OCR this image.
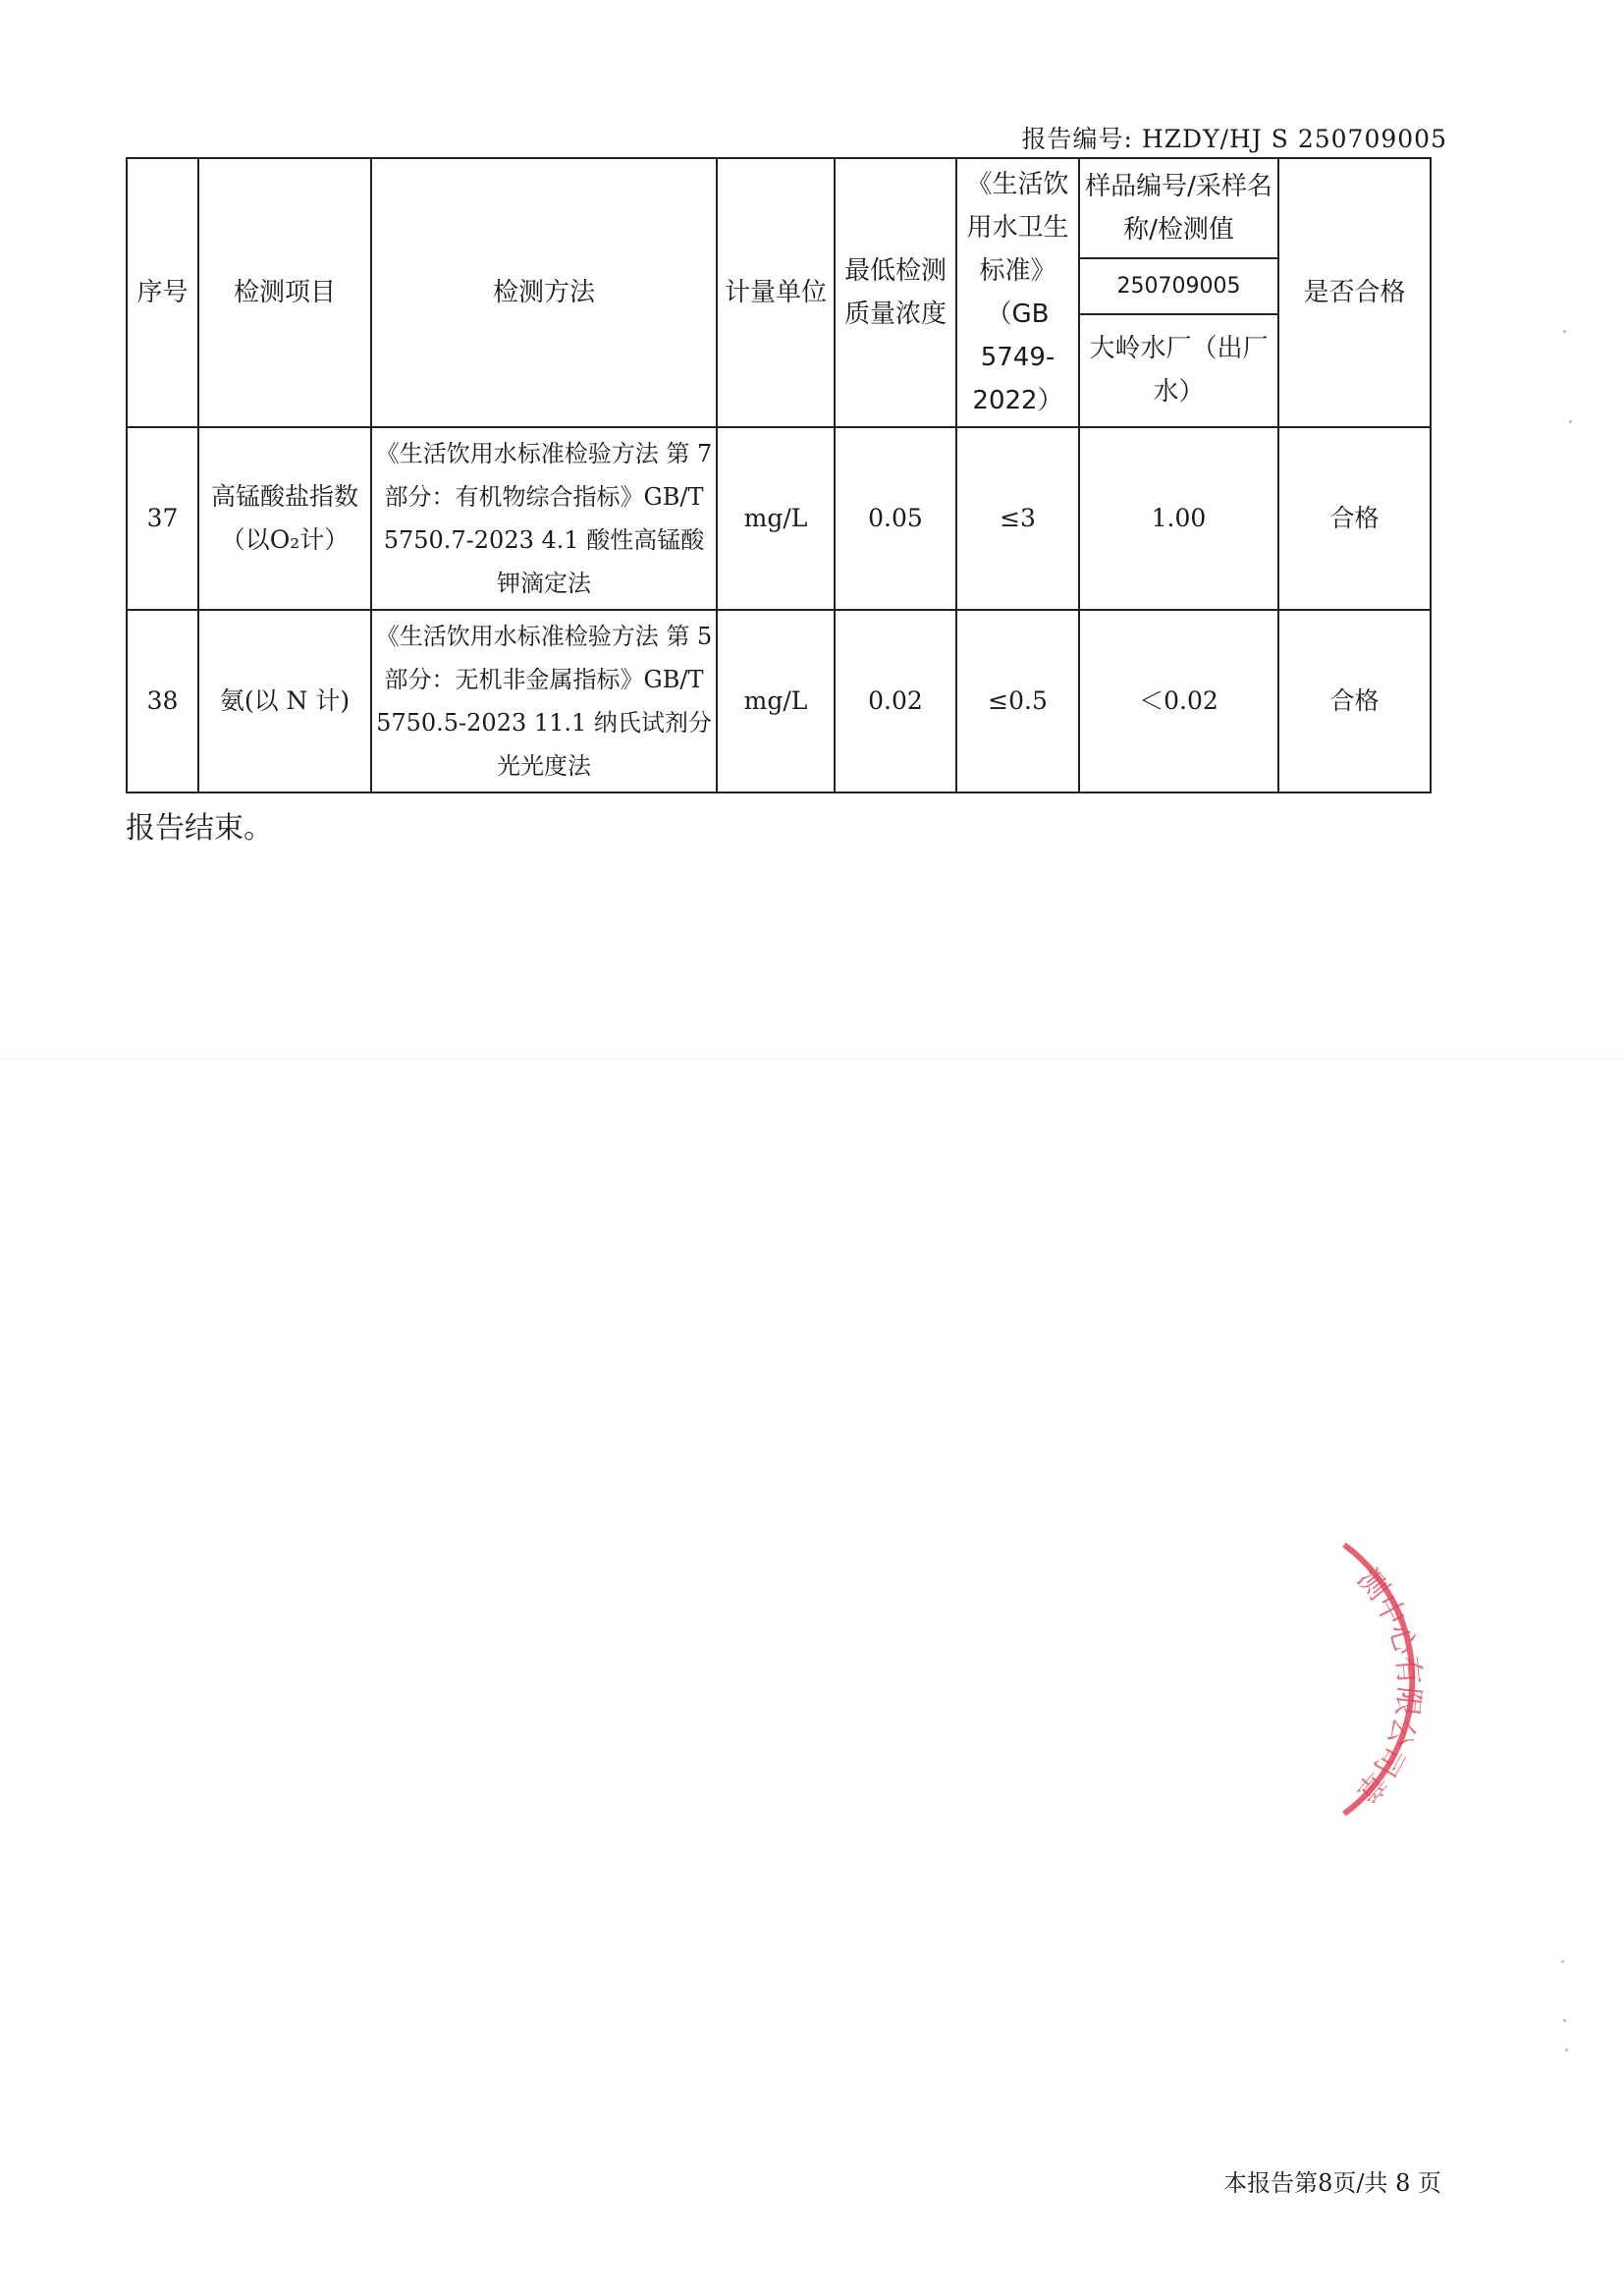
报告编号: HZDY/HJ S 250709005
序号	检测项目	检测方法	计量单位	最低检测质量浓度	《生活饮用水卫生标准》（GB 5749-2022）	样品编号/采样名称/检测值	是否合格
						250709005	
						大岭水厂（出厂水）	
37	高锰酸盐指数（以O₂计）	《生活饮用水标准检验方法 第 7 部分：有机物综合指标》GB/T 5750.7-2023 4.1 酸性高锰酸钾滴定法	mg/L	0.05	≤3	1.00	合格
38	氨(以 N 计)	《生活饮用水标准检验方法 第 5 部分：无机非金属指标》GB/T 5750.5-2023 11.1 纳氏试剂分光光度法	mg/L	0.02	≤0.5	＜0.02	合格
报告结束。
测中心有限公司章
本报告第8页/共 8 页
